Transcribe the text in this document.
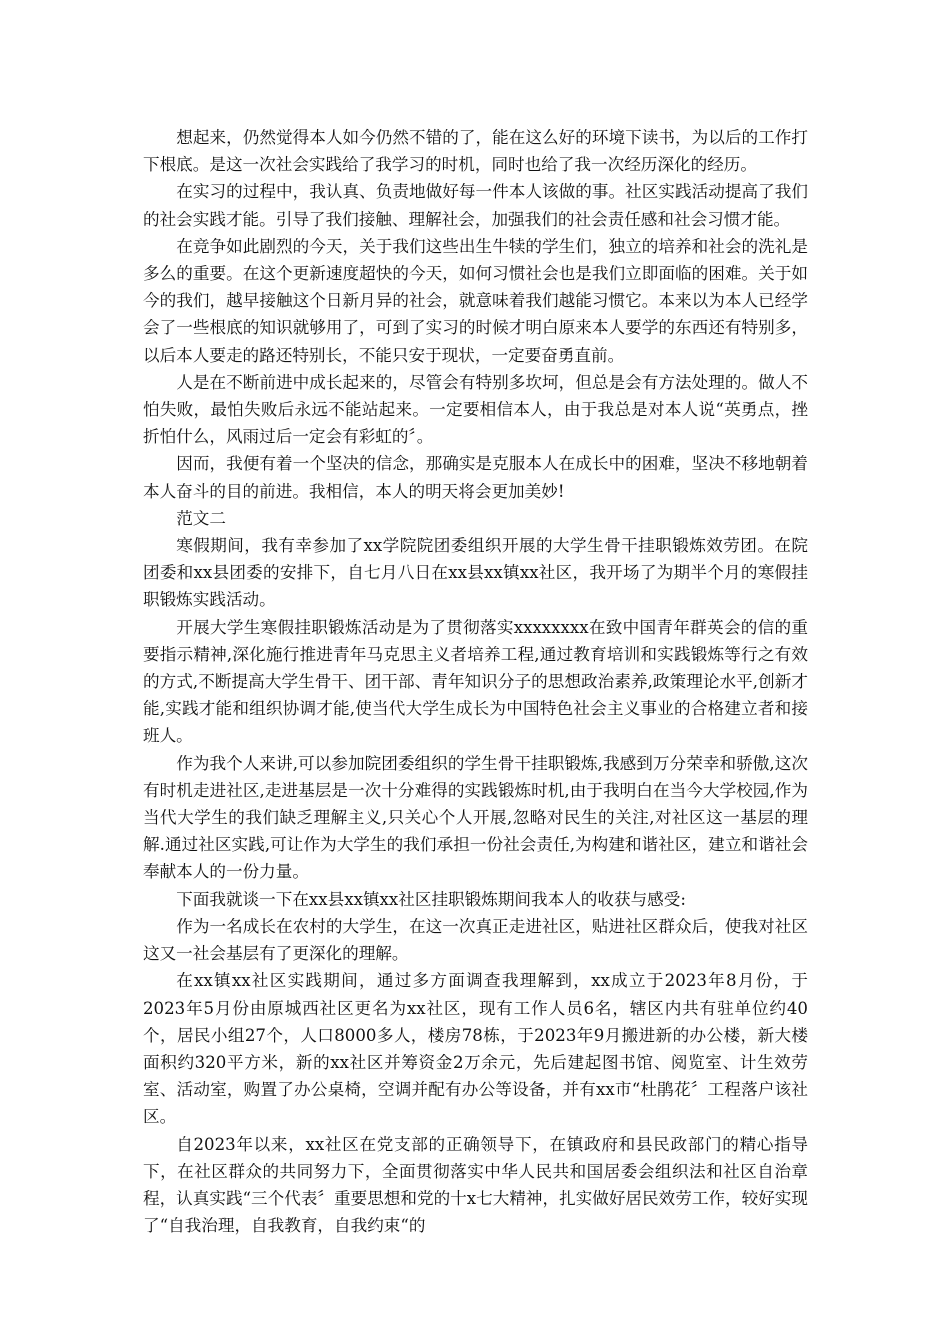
想起来，仍然觉得本人如今仍然不错的了，能在这么好的环境下读书，为以后的工作打下根底。是这一次社会实践给了我学习的时机，同时也给了我一次经历深化的经历。

在实习的过程中，我认真、负责地做好每一件本人该做的事。社区实践活动提高了我们的社会实践才能。引导了我们接触、理解社会，加强我们的社会责任感和社会习惯才能。

在竞争如此剧烈的今天，关于我们这些出生牛犊的学生们，独立的培养和社会的洗礼是多么的重要。在这个更新速度超快的今天，如何习惯社会也是我们立即面临的困难。关于如今的我们，越早接触这个日新月异的社会，就意味着我们越能习惯它。本来以为本人已经学会了一些根底的知识就够用了，可到了实习的时候才明白原来本人要学的东西还有特别多，以后本人要走的路还特别长，不能只安于现状，一定要奋勇直前。

人是在不断前进中成长起来的，尽管会有特别多坎坷，但总是会有方法处理的。做人不怕失败，最怕失败后永远不能站起来。一定要相信本人，由于我总是对本人说“英勇点，挫折怕什么，风雨过后一定会有彩虹的〞。

因而，我便有着一个坚决的信念，那确实是克服本人在成长中的困难，坚决不移地朝着本人奋斗的目的前进。我相信，本人的明天将会更加美妙!

范文二

寒假期间，我有幸参加了xx学院院团委组织开展的大学生骨干挂职锻炼效劳团。在院团委和xx县团委的安排下，自七月八日在xx县xx镇xx社区，我开场了为期半个月的寒假挂职锻炼实践活动。

开展大学生寒假挂职锻炼活动是为了贯彻落实xxxxxxxx在致中国青年群英会的信的重要指示精神,深化施行推进青年马克思主义者培养工程,通过教育培训和实践锻炼等行之有效的方式,不断提高大学生骨干、团干部、青年知识分子的思想政治素养,政策理论水平,创新才能,实践才能和组织协调才能,使当代大学生成长为中国特色社会主义事业的合格建立者和接班人。

作为我个人来讲,可以参加院团委组织的学生骨干挂职锻炼,我感到万分荣幸和骄傲,这次有时机走进社区,走进基层是一次十分难得的实践锻炼时机,由于我明白在当今大学校园,作为当代大学生的我们缺乏理解主义,只关心个人开展,忽略对民生的关注,对社区这一基层的理解.通过社区实践,可让作为大学生的我们承担一份社会责任,为构建和谐社区，建立和谐社会奉献本人的一份力量。

下面我就谈一下在xx县xx镇xx社区挂职锻炼期间我本人的收获与感受:

作为一名成长在农村的大学生，在这一次真正走进社区，贴进社区群众后，使我对社区这又一社会基层有了更深化的理解。

在xx镇xx社区实践期间，通过多方面调查我理解到，xx成立于2023年8月份，于2023年5月份由原城西社区更名为xx社区，现有工作人员6名，辖区内共有驻单位约40个，居民小组27个，人口8000多人，楼房78栋，于2023年9月搬进新的办公楼，新大楼面积约320平方米，新的xx社区并筹资金2万余元，先后建起图书馆、阅览室、计生效劳室、活动室，购置了办公桌椅，空调并配有办公等设备，并有xx市“杜鹃花〞工程落户该社区。

自2023年以来，xx社区在党支部的正确领导下，在镇政府和县民政部门的精心指导下，在社区群众的共同努力下，全面贯彻落实中华人民共和国居委会组织法和社区自治章程，认真实践“三个代表〞重要思想和党的十x七大精神，扎实做好居民效劳工作，较好实现了“自我治理，自我教育，自我约束“的
